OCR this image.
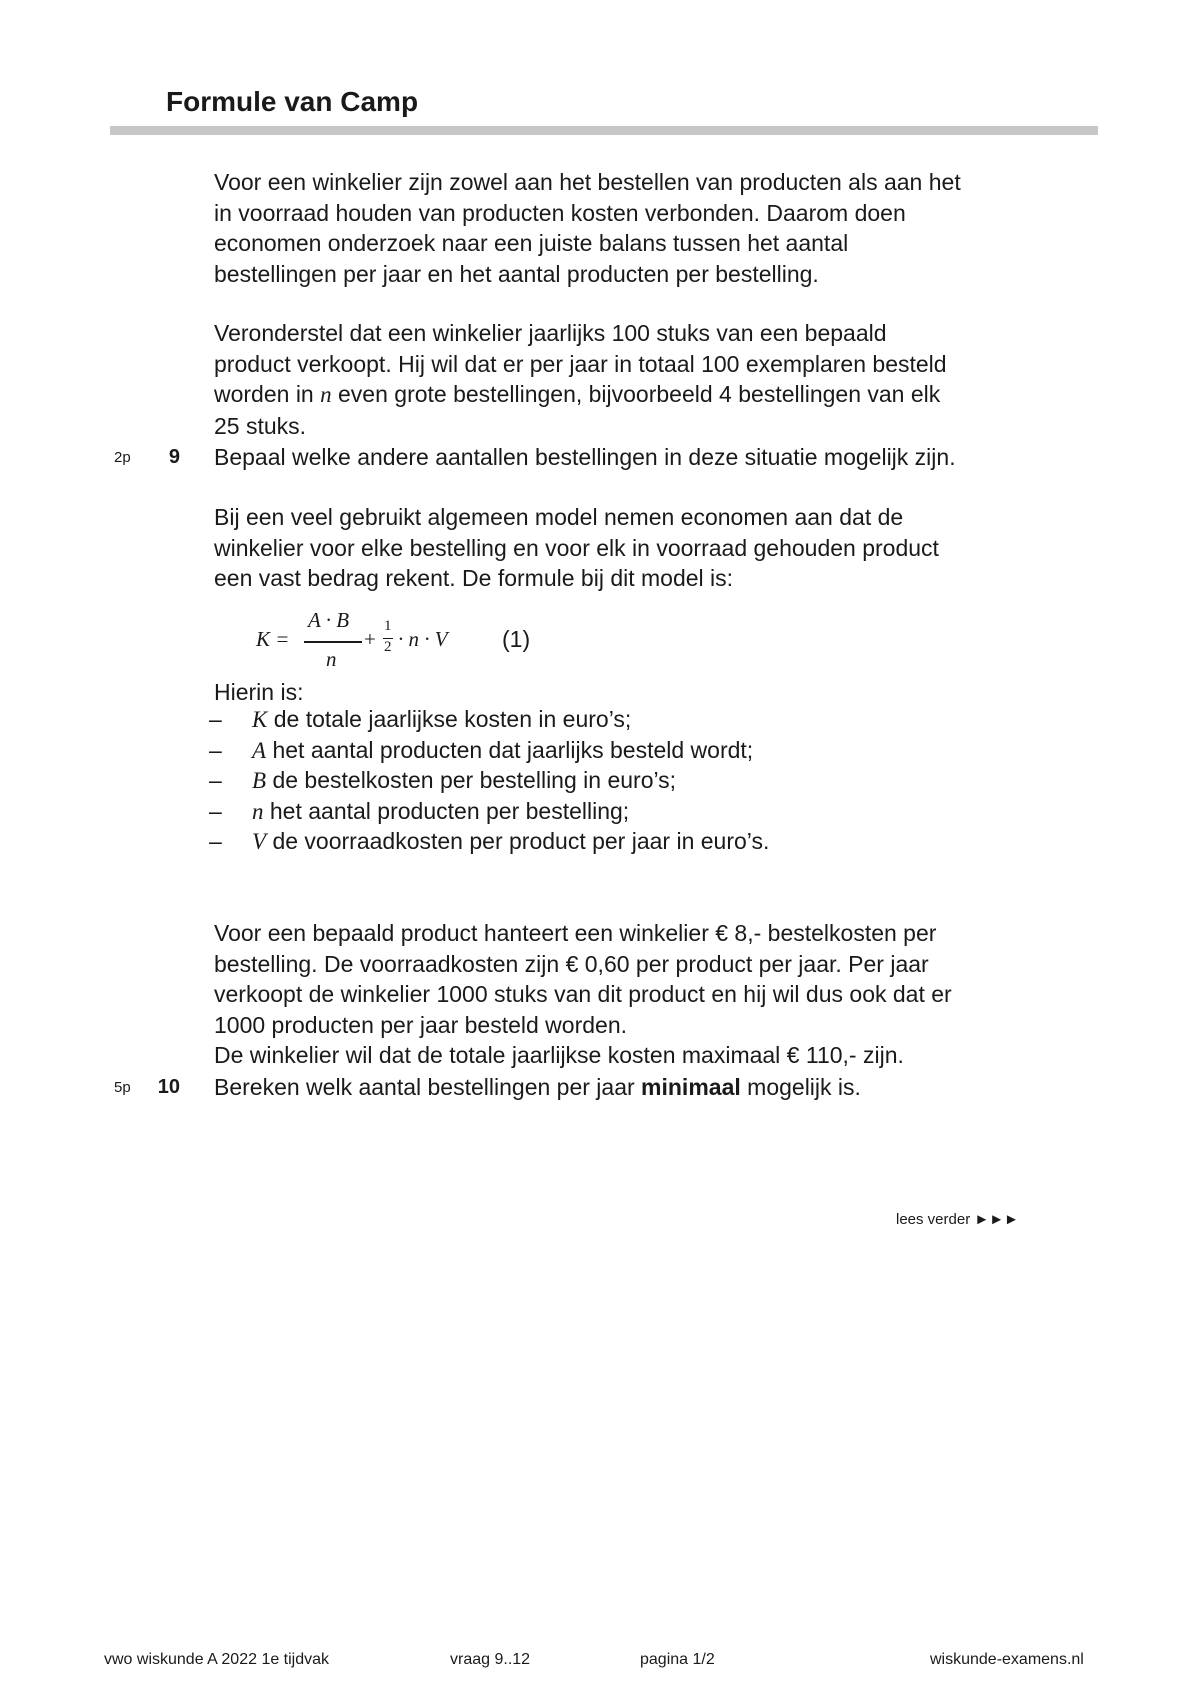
Formule van Camp

Voor een winkelier zijn zowel aan het bestellen van producten als aan het
in voorraad houden van producten kosten verbonden. Daarom doen
economen onderzoek naar een juiste balans tussen het aantal
bestellingen per jaar en het aantal producten per bestelling.

Veronderstel dat een winkelier jaarlijks 100 stuks van een bepaald
product verkoopt. Hij wil dat er per jaar in totaal 100 exemplaren besteld
worden in n even grote bestellingen, bijvoorbeeld 4 bestellingen van elk
25 stuks.

2p	9 Bepaal welke andere aantallen bestellingen in deze situatie mogelijk zijn.

Bij een veel gebruikt algemeen model nemen economen aan dat de
winkelier voor elke bestelling en voor elk in voorraad gehouden product
een vast bedrag rekent. De formule bij dit model is:

K =
A · B
n
+
1
2 · n · V (1)

Hierin is:

–	K de totale jaarlijkse kosten in euro’s;
–	A het aantal producten dat jaarlijks besteld wordt;
–	B de bestelkosten per bestelling in euro’s;
–	n het aantal producten per bestelling;
–	V de voorraadkosten per product per jaar in euro’s.

Voor een bepaald product hanteert een winkelier € 8,- bestelkosten per
bestelling. De voorraadkosten zijn € 0,60 per product per jaar. Per jaar
verkoopt de winkelier 1000 stuks van dit product en hij wil dus ook dat er
1000 producten per jaar besteld worden.
De winkelier wil dat de totale jaarlijkse kosten maximaal € 110,- zijn.

5p	10 Bereken welk aantal bestellingen per jaar minimaal mogelijk is.
lees verder ►►►
vwo wiskunde A 2022 1e tijdvak	vraag 9..12	pagina 1/2	wiskunde-examens.nl
